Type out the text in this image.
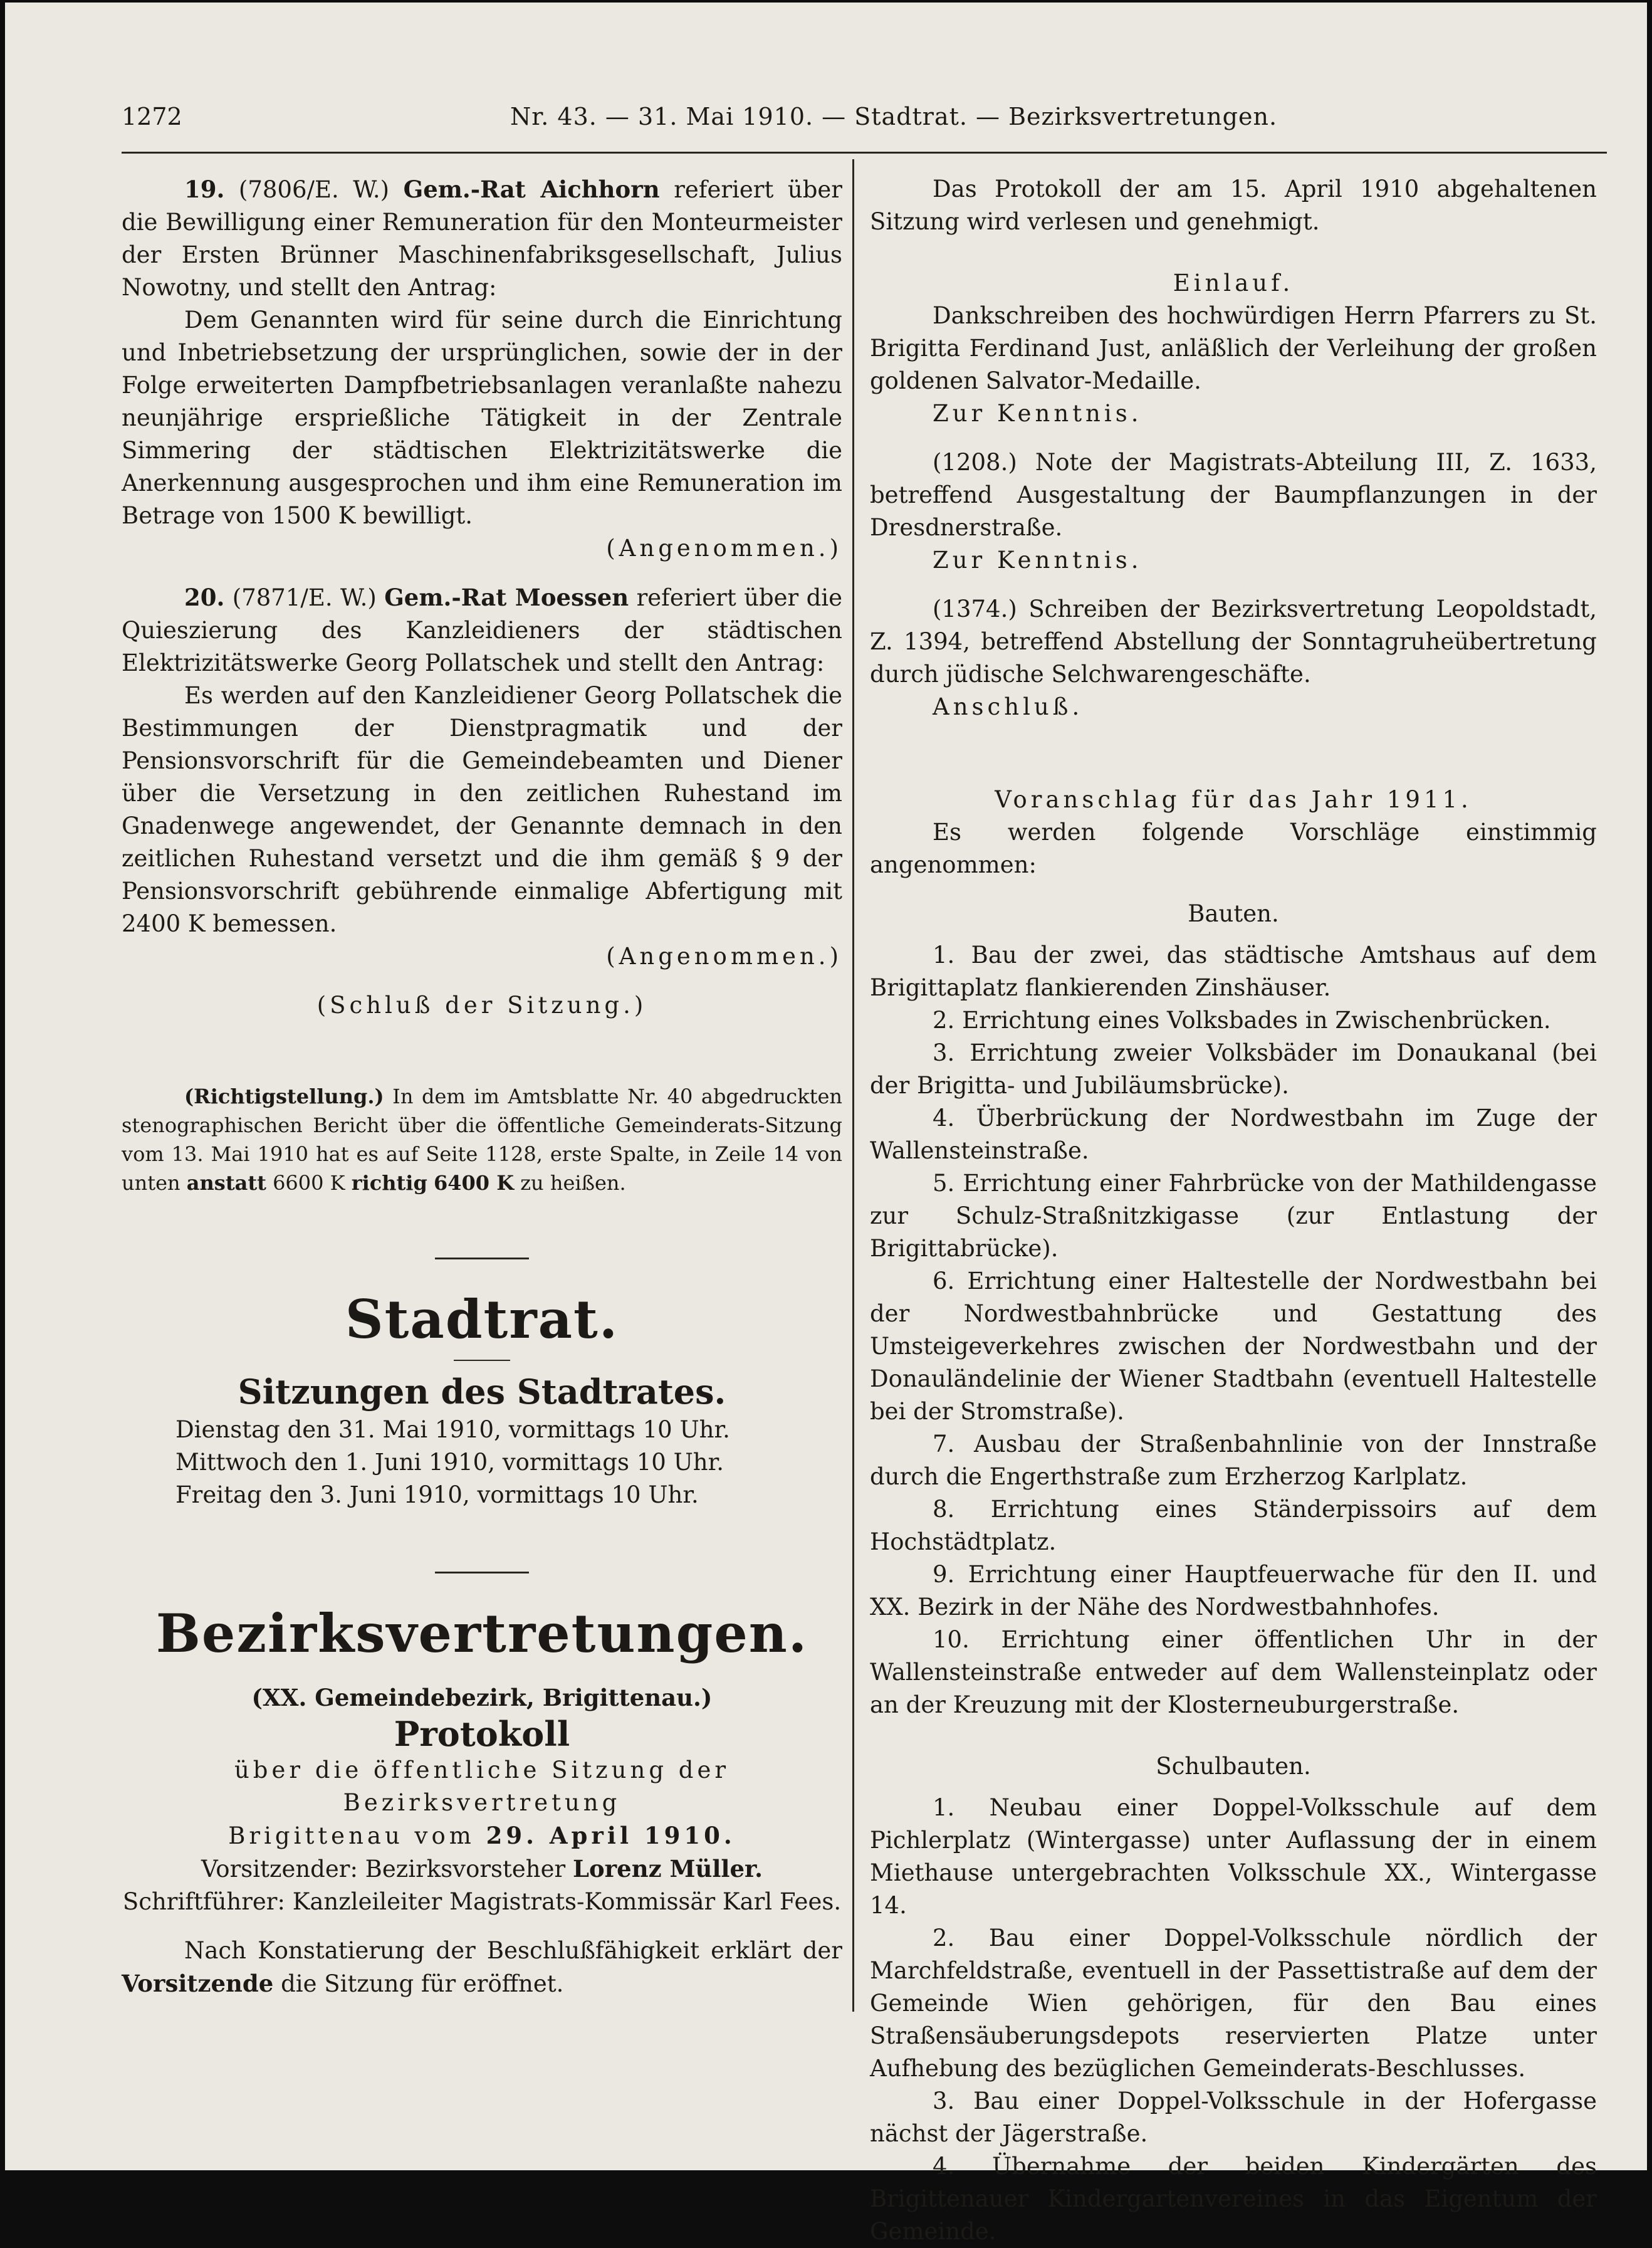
1272	Nr. 43. — 31. Mai 1910. — Stadtrat. — Bezirksvertretungen.

19. (7806/E. W.) Gem.-Rat Aichhorn referiert über die Bewilligung einer Remuneration für den Monteurmeister der Ersten Brünner Maschinenfabriksgesellschaft, Julius Nowotny, und stellt den Antrag:

Dem Genannten wird für seine durch die Einrichtung und Inbetriebsetzung der ursprünglichen, sowie der in der Folge erweiterten Dampfbetriebsanlagen veranlaßte nahezu neunjährige ersprießliche Tätigkeit in der Zentrale Simmering der städtischen Elektrizitätswerke die Anerkennung ausgesprochen und ihm eine Remuneration im Betrage von 1500 K bewilligt.

(Angenommen.)

20. (7871/E. W.) Gem.-Rat Moessen referiert über die Quieszierung des Kanzleidieners der städtischen Elektrizitätswerke Georg Pollatschek und stellt den Antrag:

Es werden auf den Kanzleidiener Georg Pollatschek die Bestimmungen der Dienstpragmatik und der Pensionsvorschrift für die Gemeindebeamten und Diener über die Versetzung in den zeitlichen Ruhestand im Gnadenwege angewendet, der Genannte demnach in den zeitlichen Ruhestand versetzt und die ihm gemäß § 9 der Pensionsvorschrift gebührende einmalige Abfertigung mit 2400 K bemessen.

(Angenommen.)

(Schluß der Sitzung.)

(Richtigstellung.) In dem im Amtsblatte Nr. 40 abgedruckten stenographischen Bericht über die öffentliche Gemeinderats-Sitzung vom 13. Mai 1910 hat es auf Seite 1128, erste Spalte, in Zeile 14 von unten anstatt 6600 K richtig 6400 K zu heißen.

Stadtrat.
Sitzungen des Stadtrates.

Dienstag den 31. Mai 1910, vormittags 10 Uhr.

Mittwoch den 1. Juni 1910, vormittags 10 Uhr.

Freitag den 3. Juni 1910, vormittags 10 Uhr.

Bezirksvertretungen.

(XX. Gemeindebezirk, Brigittenau.)

Protokoll

über die öffentliche Sitzung der Bezirksvertretung

Brigittenau vom 29. April 1910.

Vorsitzender: Bezirksvorsteher Lorenz Müller.

Schriftführer: Kanzleileiter Magistrats-Kommissär Karl Fees.

Nach Konstatierung der Beschlußfähigkeit erklärt der Vorsitzende die Sitzung für eröffnet.

Das Protokoll der am 15. April 1910 abgehaltenen Sitzung wird verlesen und genehmigt.

Einlauf.

Dankschreiben des hochwürdigen Herrn Pfarrers zu St. Brigitta Ferdinand Just, anläßlich der Verleihung der großen goldenen Salvator-Medaille.

Zur Kenntnis.

(1208.) Note der Magistrats-Abteilung III, Z. 1633, betreffend Ausgestaltung der Baumpflanzungen in der Dresdnerstraße.

Zur Kenntnis.

(1374.) Schreiben der Bezirksvertretung Leopoldstadt, Z. 1394, betreffend Abstellung der Sonntagruheübertretung durch jüdische Selchwarengeschäfte.

Anschluß.

Voranschlag für das Jahr 1911.

Es werden folgende Vorschläge einstimmig angenommen:

Bauten.

1. Bau der zwei, das städtische Amtshaus auf dem Brigittaplatz flankierenden Zinshäuser.

2. Errichtung eines Volksbades in Zwischenbrücken.

3. Errichtung zweier Volksbäder im Donaukanal (bei der Brigitta- und Jubiläumsbrücke).

4. Überbrückung der Nordwestbahn im Zuge der Wallensteinstraße.

5. Errichtung einer Fahrbrücke von der Mathildengasse zur Schulz-Straßnitzkigasse (zur Entlastung der Brigittabrücke).

6. Errichtung einer Haltestelle der Nordwestbahn bei der Nordwestbahnbrücke und Gestattung des Umsteigeverkehres zwischen der Nordwestbahn und der Donauländelinie der Wiener Stadtbahn (eventuell Haltestelle bei der Stromstraße).

7. Ausbau der Straßenbahnlinie von der Innstraße durch die Engerthstraße zum Erzherzog Karlplatz.

8. Errichtung eines Ständerpissoirs auf dem Hochstädtplatz.

9. Errichtung einer Hauptfeuerwache für den II. und XX. Bezirk in der Nähe des Nordwestbahnhofes.

10. Errichtung einer öffentlichen Uhr in der Wallensteinstraße entweder auf dem Wallensteinplatz oder an der Kreuzung mit der Klosterneuburgerstraße.

Schulbauten.

1. Neubau einer Doppel-Volksschule auf dem Pichlerplatz (Wintergasse) unter Auflassung der in einem Miethause untergebrachten Volksschule XX., Wintergasse 14.

2. Bau einer Doppel-Volksschule nördlich der Marchfeldstraße, eventuell in der Passettistraße auf dem der Gemeinde Wien gehörigen, für den Bau eines Straßensäuberungsdepots reservierten Platze unter Aufhebung des bezüglichen Gemeinderats-Beschlusses.

3. Bau einer Doppel-Volksschule in der Hofergasse nächst der Jägerstraße.

4. Übernahme der beiden Kindergärten des Brigittenauer Kindergartenvereines in das Eigentum der Gemeinde.
